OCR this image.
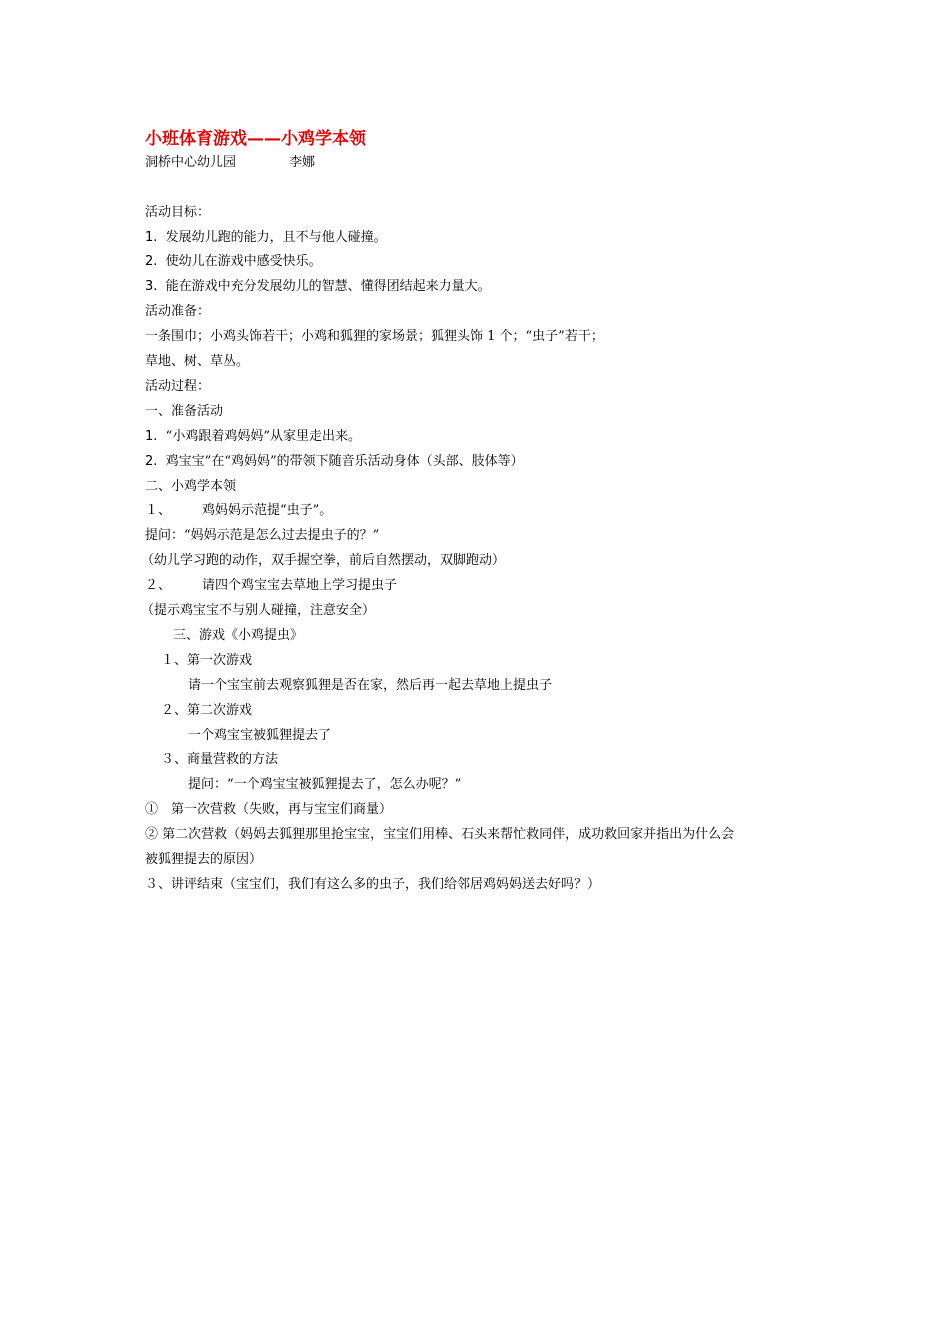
小班体育游戏——小鸡学本领
洞桥中心幼儿园	李娜
活动目标：
1. 发展幼儿跑的能力，且不与他人碰撞。
2. 使幼儿在游戏中感受快乐。
3. 能在游戏中充分发展幼儿的智慧、懂得团结起来力量大。
活动准备：
一条围巾；小鸡头饰若干；小鸡和狐狸的家场景；狐狸头饰 1 个；“虫子”若干；
草地、树、草丛。
活动过程：
一、准备活动
1. “小鸡跟着鸡妈妈”从家里走出来。
2. 鸡宝宝”在“鸡妈妈”的带领下随音乐活动身体（头部、肢体等）
二、小鸡学本领
１、 鸡妈妈示范提“虫子”。
提问：“妈妈示范是怎么过去提虫子的？”
（幼儿学习跑的动作，双手握空拳，前后自然摆动，双脚跑动）
２、 请四个鸡宝宝去草地上学习提虫子
（提示鸡宝宝不与别人碰撞，注意安全）
三、游戏《小鸡提虫》
１、第一次游戏
请一个宝宝前去观察狐狸是否在家，然后再一起去草地上提虫子
２、第二次游戏
一个鸡宝宝被狐狸提去了
３、商量营救的方法
提问：“一个鸡宝宝被狐狸提去了，怎么办呢？”
①　第一次营救（失败，再与宝宝们商量）
② 第二次营救（妈妈去狐狸那里抢宝宝，宝宝们用棒、石头来帮忙救同伴，成功救回家并指出为什么会
被狐狸提去的原因）
３、讲评结束（宝宝们，我们有这么多的虫子，我们给邻居鸡妈妈送去好吗？）
